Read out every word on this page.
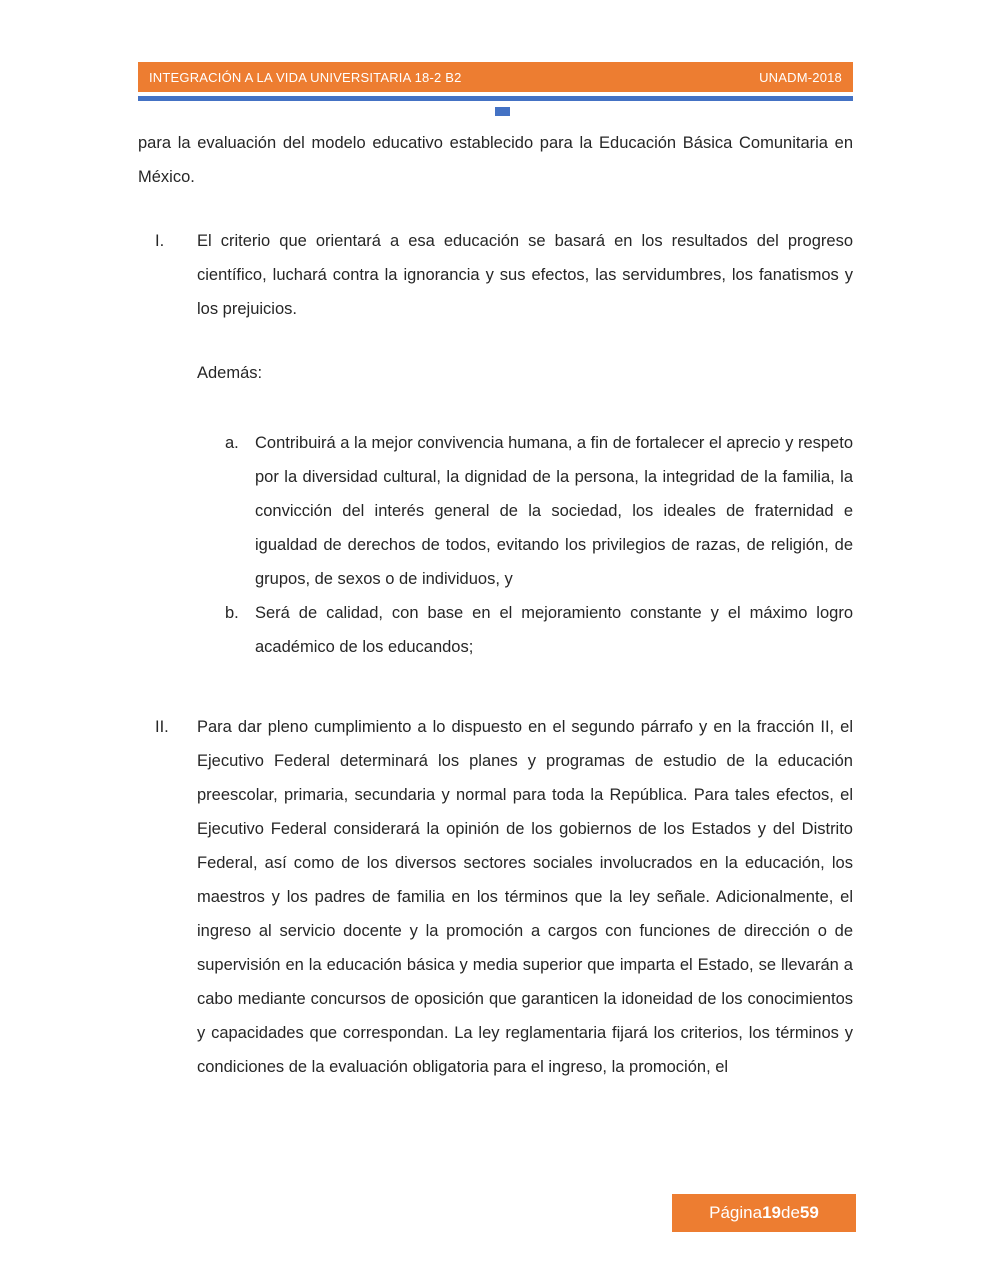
INTEGRACIÓN A LA VIDA UNIVERSITARIA 18-2 B2	UNADM-2018

para la evaluación del modelo educativo establecido para la Educación Básica Comunitaria en México.

I.	El criterio que orientará a esa educación se basará en los resultados del progreso científico, luchará contra la ignorancia y sus efectos, las servidumbres, los fanatismos y los prejuicios.

Además:

a. Contribuirá a la mejor convivencia humana, a fin de fortalecer el aprecio y respeto por la diversidad cultural, la dignidad de la persona, la integridad de la familia, la convicción del interés general de la sociedad, los ideales de fraternidad e igualdad de derechos de todos, evitando los privilegios de razas, de religión, de grupos, de sexos o de individuos, y
b. Será de calidad, con base en el mejoramiento constante y el máximo logro académico de los educandos;
II.	Para dar pleno cumplimiento a lo dispuesto en el segundo párrafo y en la fracción II, el Ejecutivo Federal determinará los planes y programas de estudio de la educación preescolar, primaria, secundaria y normal para toda la República. Para tales efectos, el Ejecutivo Federal considerará la opinión de los gobiernos de los Estados y del Distrito Federal, así como de los diversos sectores sociales involucrados en la educación, los maestros y los padres de familia en los términos que la ley señale. Adicionalmente, el ingreso al servicio docente y la promoción a cargos con funciones de dirección o de supervisión en la educación básica y media superior que imparta el Estado, se llevarán a cabo mediante concursos de oposición que garanticen la idoneidad de los conocimientos y capacidades que correspondan. La ley reglamentaria fijará los criterios, los términos y condiciones de la evaluación obligatoria para el ingreso, la promoción, el
Página 19 de 59
